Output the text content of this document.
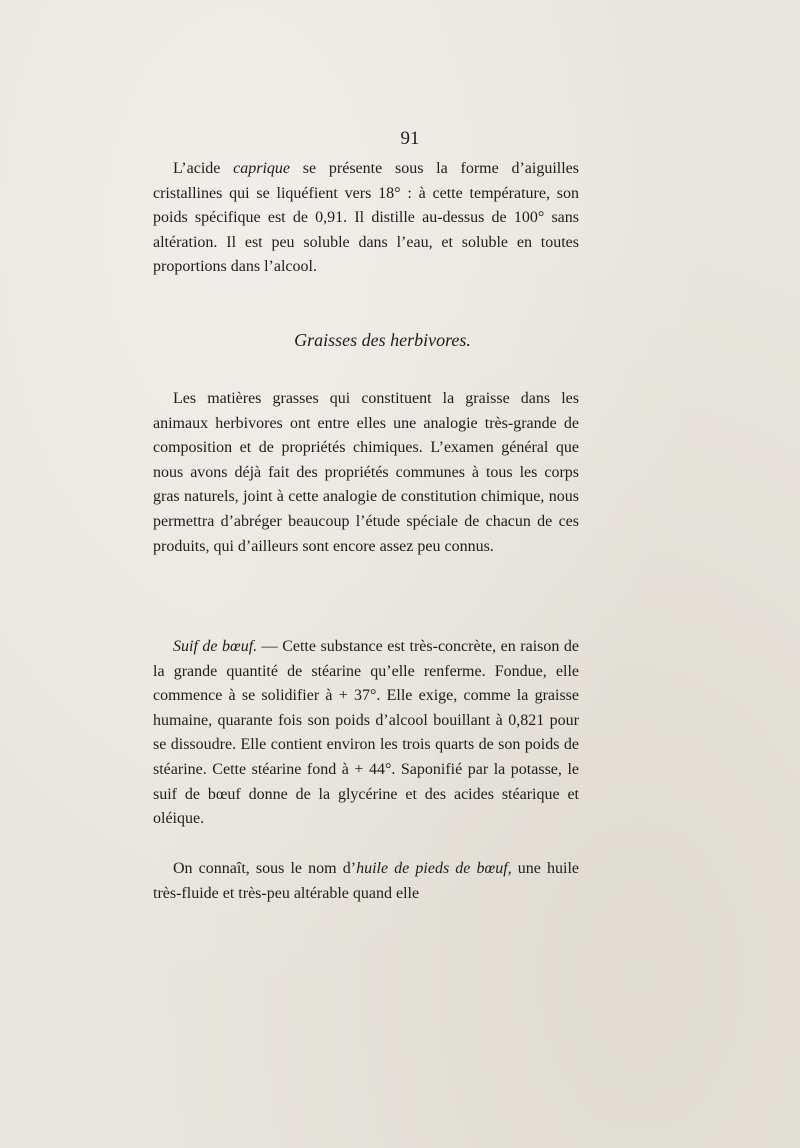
91

L’acide caprique se présente sous la forme d’aiguilles cristallines qui se liquéfient vers 18° : à cette température, son poids spécifique est de 0,91. Il distille au-dessus de 100° sans altération. Il est peu soluble dans l’eau, et soluble en toutes proportions dans l’alcool.

Graisses des herbivores.

Les matières grasses qui constituent la graisse dans les animaux herbivores ont entre elles une analogie très-grande de composition et de propriétés chimiques. L’examen général que nous avons déjà fait des propriétés communes à tous les corps gras naturels, joint à cette analogie de constitution chimique, nous permettra d’abréger beaucoup l’étude spéciale de chacun de ces produits, qui d’ailleurs sont encore assez peu connus.

Suif de bœuf. — Cette substance est très-concrète, en raison de la grande quantité de stéarine qu’elle renferme. Fondue, elle commence à se solidifier à + 37°. Elle exige, comme la graisse humaine, quarante fois son poids d’alcool bouillant à 0,821 pour se dissoudre. Elle contient environ les trois quarts de son poids de stéarine. Cette stéarine fond à + 44°. Saponifié par la potasse, le suif de bœuf donne de la glycérine et des acides stéarique et oléique.

On connaît, sous le nom d’huile de pieds de bœuf, une huile très-fluide et très-peu altérable quand elle
